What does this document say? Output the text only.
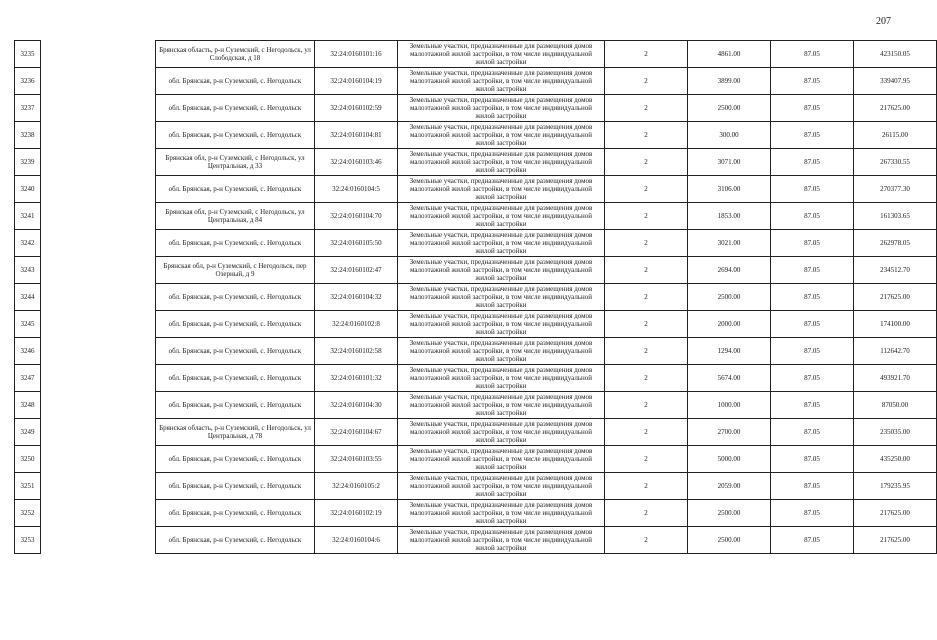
207
3235		Брянская область, р-н Суземский, с Негодольск, ул Слободская, д 18	32:24:0160101:16	Земельные участки, предназначенные для размещения домов малоэтажной жилой застройки, в том числе индивидуальной жилой застройки	2	4861.00	87.05	423150.05
3236		обл. Брянская, р-н Суземский, с. Негодольск	32:24:0160104:19	Земельные участки, предназначенные для размещения домов малоэтажной жилой застройки, в том числе индивидуальной жилой застройки	2	3899.00	87.05	339407.95
3237		обл. Брянская, р-н Суземский, с. Негодольск	32:24:0160102:59	Земельные участки, предназначенные для размещения домов малоэтажной жилой застройки, в том числе индивидуальной жилой застройки	2	2500.00	87.05	217625.00
3238		обл. Брянская, р-н Суземский, с. Негодольск	32:24:0160104:81	Земельные участки, предназначенные для размещения домов малоэтажной жилой застройки, в том числе индивидуальной жилой застройки	2	300.00	87.05	26115.00
3239		Брянская обл, р-н Суземский, с Негодольск, ул Центральная, д 33	32:24:0160103:46	Земельные участки, предназначенные для размещения домов малоэтажной жилой застройки, в том числе индивидуальной жилой застройки	2	3071.00	87.05	267330.55
3240		обл. Брянская, р-н Суземский, с. Негодольск	32:24:0160104:5	Земельные участки, предназначенные для размещения домов малоэтажной жилой застройки, в том числе индивидуальной жилой застройки	2	3106.00	87.05	270377.30
3241		Брянская обл, р-н Суземский, с Негодольск, ул Центральная, д 84	32:24:0160104:70	Земельные участки, предназначенные для размещения домов малоэтажной жилой застройки, в том числе индивидуальной жилой застройки	2	1853.00	87.05	161303.65
3242		обл. Брянская, р-н Суземский, с. Негодольск	32:24:0160105:50	Земельные участки, предназначенные для размещения домов малоэтажной жилой застройки, в том числе индивидуальной жилой застройки	2	3021.00	87.05	262978.05
3243		Брянская обл, р-н Суземский, с Негодольск, пер Озерный, д 9	32:24:0160102:47	Земельные участки, предназначенные для размещения домов малоэтажной жилой застройки, в том числе индивидуальной жилой застройки	2	2694.00	87.05	234512.70
3244		обл. Брянская, р-н Суземский, с. Негодольск	32:24:0160104:32	Земельные участки, предназначенные для размещения домов малоэтажной жилой застройки, в том числе индивидуальной жилой застройки	2	2500.00	87.05	217625.00
3245		обл. Брянская, р-н Суземский, с. Негодольск	32:24:0160102:8	Земельные участки, предназначенные для размещения домов малоэтажной жилой застройки, в том числе индивидуальной жилой застройки	2	2000.00	87.05	174100.00
3246		обл. Брянская, р-н Суземский, с. Негодольск	32:24:0160102:58	Земельные участки, предназначенные для размещения домов малоэтажной жилой застройки, в том числе индивидуальной жилой застройки	2	1294.00	87.05	112642.70
3247		обл. Брянская, р-н Суземский, с. Негодольск	32:24:0160101:32	Земельные участки, предназначенные для размещения домов малоэтажной жилой застройки, в том числе индивидуальной жилой застройки	2	5674.00	87.05	493921.70
3248		обл. Брянская, р-н Суземский, с. Негодольск	32:24:0160104:30	Земельные участки, предназначенные для размещения домов малоэтажной жилой застройки, в том числе индивидуальной жилой застройки	2	1000.00	87.05	87050.00
3249		Брянская область, р-н Суземский, с Негодольск, ул Центральная, д 78	32:24:0160104:67	Земельные участки, предназначенные для размещения домов малоэтажной жилой застройки, в том числе индивидуальной жилой застройки	2	2700.00	87.05	235035.00
3250		обл. Брянская, р-н Суземский, с. Негодольск	32:24:0160103:55	Земельные участки, предназначенные для размещения домов малоэтажной жилой застройки, в том числе индивидуальной жилой застройки	2	5000.00	87.05	435250.00
3251		обл. Брянская, р-н Суземский, с. Негодольск	32:24:0160105:2	Земельные участки, предназначенные для размещения домов малоэтажной жилой застройки, в том числе индивидуальной жилой застройки	2	2059.00	87.05	179235.95
3252		обл. Брянская, р-н Суземский, с. Негодольск	32:24:0160102:19	Земельные участки, предназначенные для размещения домов малоэтажной жилой застройки, в том числе индивидуальной жилой застройки	2	2500.00	87.05	217625.00
3253		обл. Брянская, р-н Суземский, с. Негодольск	32:24:0160104:6	Земельные участки, предназначенные для размещения домов малоэтажной жилой застройки, в том числе индивидуальной жилой застройки	2	2500.00	87.05	217625.00
